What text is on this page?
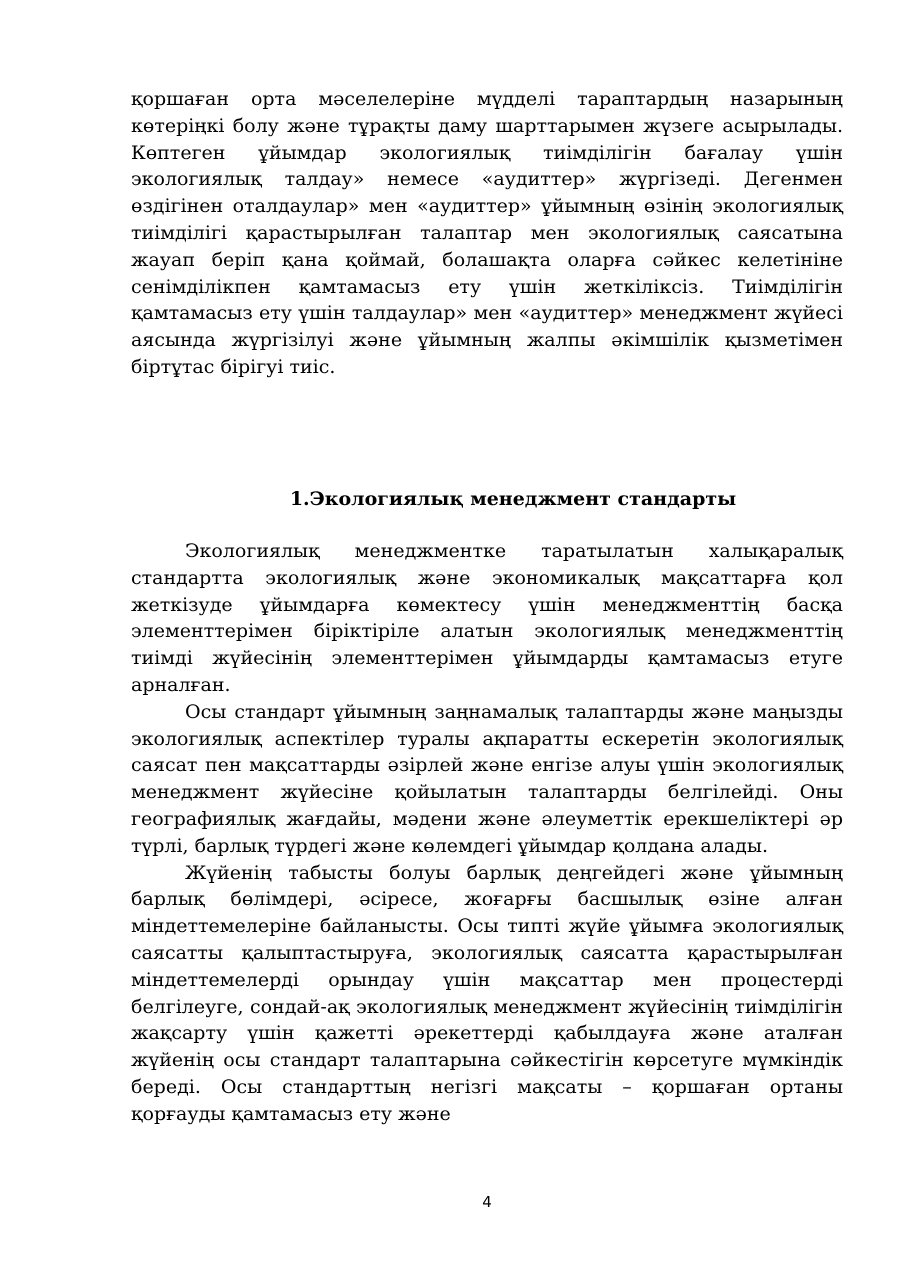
қоршаған орта мәселелеріне мүдделі тараптардың назарының көтеріңкі болу және тұрақты даму шарттарымен жүзеге асырылады. Көптеген ұйымдар экологиялық тиімділігін бағалау үшін экологиялық талдау» немесе «аудиттер» жүргізеді. Дегенмен өздігінен оталдаулар» мен «аудиттер» ұйымның өзінің экологиялық тиімділігі қарастырылған талаптар мен экологиялық саясатына жауап беріп қана қоймай, болашақта оларға сәйкес келетініне сенімділікпен қамтамасыз ету үшін жеткіліксіз. Тиімділігін қамтамасыз ету үшін талдаулар» мен «аудиттер» менеджмент жүйесі аясында жүргізілуі және ұйымның жалпы әкімшілік қызметімен біртұтас бірігуі тиіс.

1.Экологиялық менеджмент стандарты

Экологиялық менеджментке таратылатын халықаралық стандартта экологиялық және экономикалық мақсаттарға қол жеткізуде ұйымдарға көмектесу үшін менеджменттің басқа элементтерімен біріктіріле алатын экологиялық менеджменттің тиімді жүйесінің элементтерімен ұйымдарды қамтамасыз етуге арналған.

Осы стандарт ұйымның заңнамалық талаптарды және маңызды экологиялық аспектілер туралы ақпаратты ескеретін экологиялық саясат пен мақсаттарды әзірлей және енгізе алуы үшін экологиялық менеджмент жүйесіне қойылатын талаптарды белгілейді. Оны географиялық жағдайы, мәдени және әлеуметтік ерекшеліктері әр түрлі, барлық түрдегі және көлемдегі ұйымдар қолдана алады.

Жүйенің табысты болуы барлық деңгейдегі және ұйымның барлық бөлімдері, әсіресе, жоғарғы басшылық өзіне алған міндеттемелеріне байланысты. Осы типті жүйе ұйымға экологиялық саясатты қалыптастыруға, экологиялық саясатта қарастырылған міндеттемелерді орындау үшін мақсаттар мен процестерді белгілеуге, сондай-ақ экологиялық менеджмент жүйесінің тиімділігін жақсарту үшін қажетті әрекеттерді қабылдауға және аталған жүйенің осы стандарт талаптарына сәйкестігін көрсетуге мүмкіндік береді. Осы стандарттың негізгі мақсаты – қоршаған ортаны қорғауды қамтамасыз ету және

4
